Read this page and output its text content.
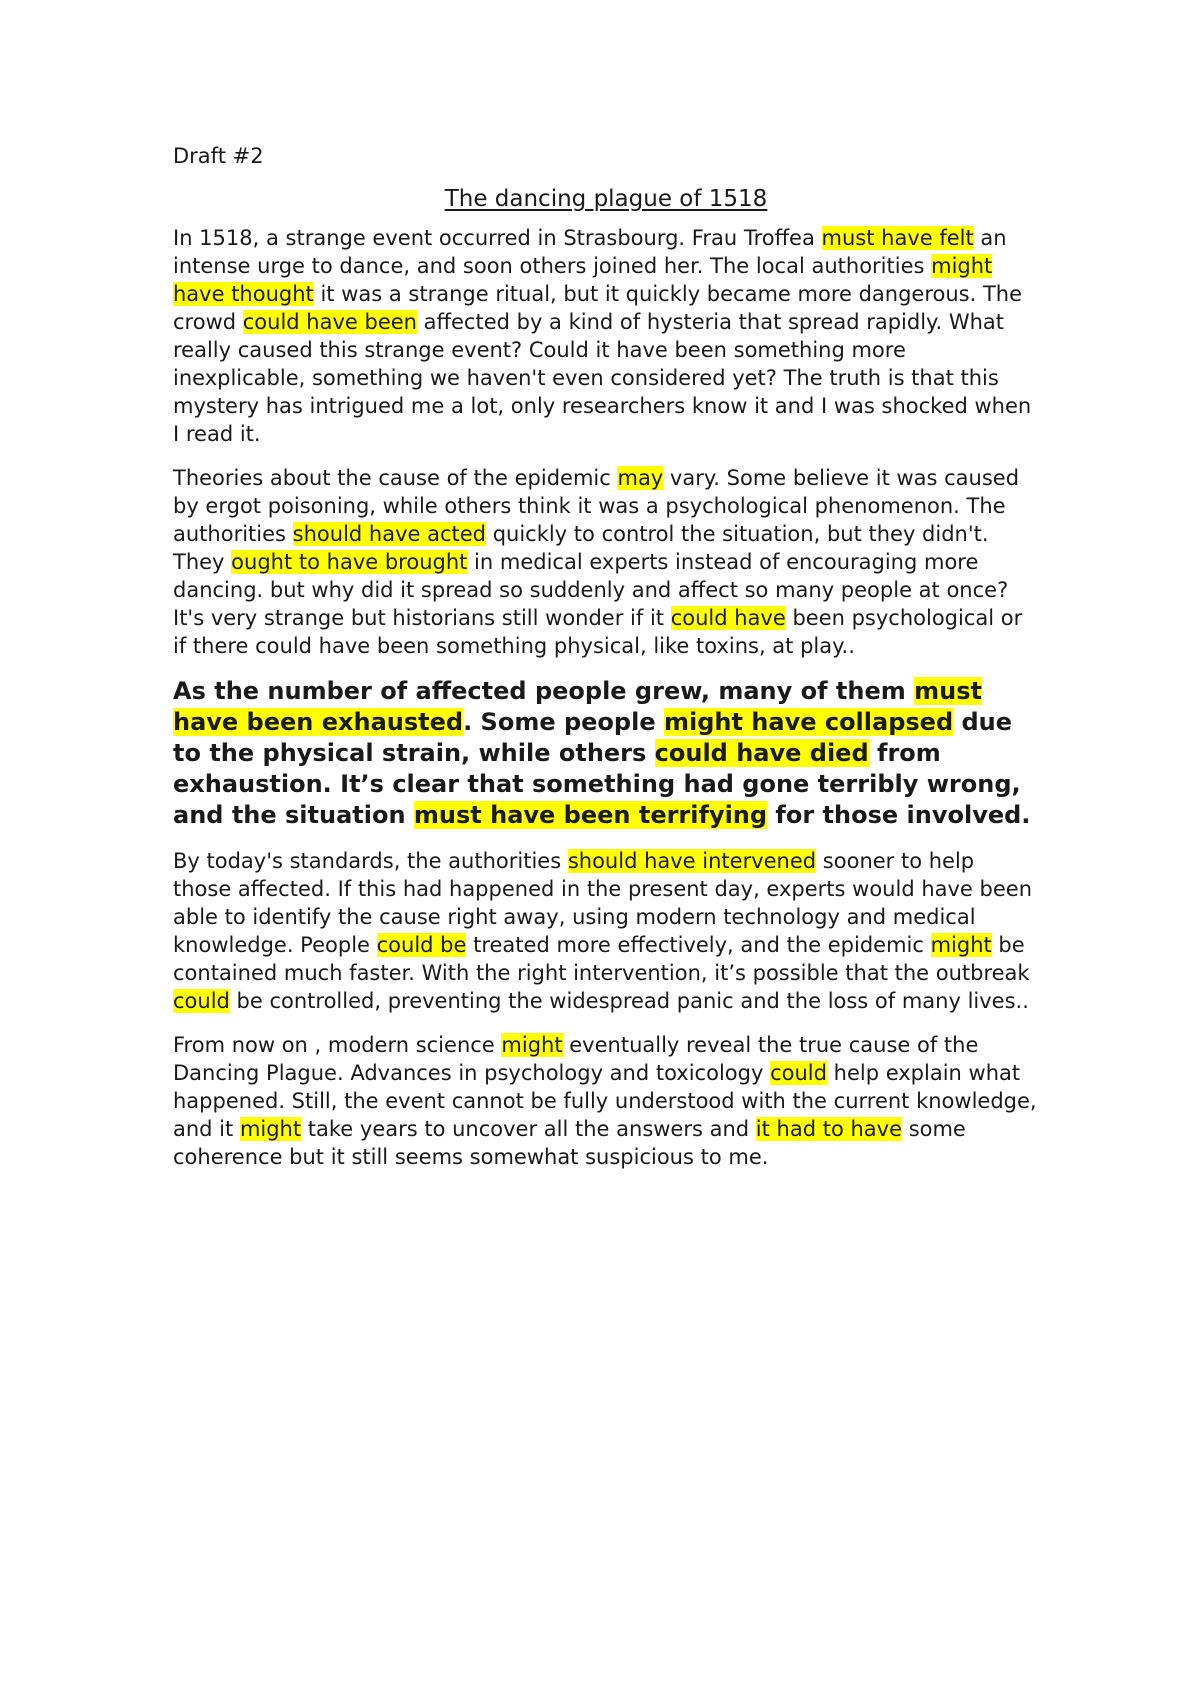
Draft #2
The dancing plague of 1518

In 1518, a strange event occurred in Strasbourg. Frau Troffea must have felt an intense urge to dance, and soon others joined her. The local authorities might have thought it was a strange ritual, but it quickly became more dangerous. The crowd could have been affected by a kind of hysteria that spread rapidly. What really caused this strange event? Could it have been something more inexplicable, something we haven't even considered yet? The truth is that this mystery has intrigued me a lot, only researchers know it and I was shocked when I read it.

Theories about the cause of the epidemic may vary. Some believe it was caused by ergot poisoning, while others think it was a psychological phenomenon. The authorities should have acted quickly to control the situation, but they didn't. They ought to have brought in medical experts instead of encouraging more dancing. but why did it spread so suddenly and affect so many people at once? It's very strange but historians still wonder if it could have been psychological or if there could have been something physical, like toxins, at play..

As the number of affected people grew, many of them must have been exhausted. Some people might have collapsed due to the physical strain, while others could have died from exhaustion. It’s clear that something had gone terribly wrong, and the situation must have been terrifying for those involved.

By today's standards, the authorities should have intervened sooner to help those affected. If this had happened in the present day, experts would have been able to identify the cause right away, using modern technology and medical knowledge. People could be treated more effectively, and the epidemic might be contained much faster. With the right intervention, it’s possible that the outbreak could be controlled, preventing the widespread panic and the loss of many lives..

From now on , modern science might eventually reveal the true cause of the Dancing Plague. Advances in psychology and toxicology could help explain what happened. Still, the event cannot be fully understood with the current knowledge, and it might take years to uncover all the answers and it had to have some coherence but it still seems somewhat suspicious to me.
